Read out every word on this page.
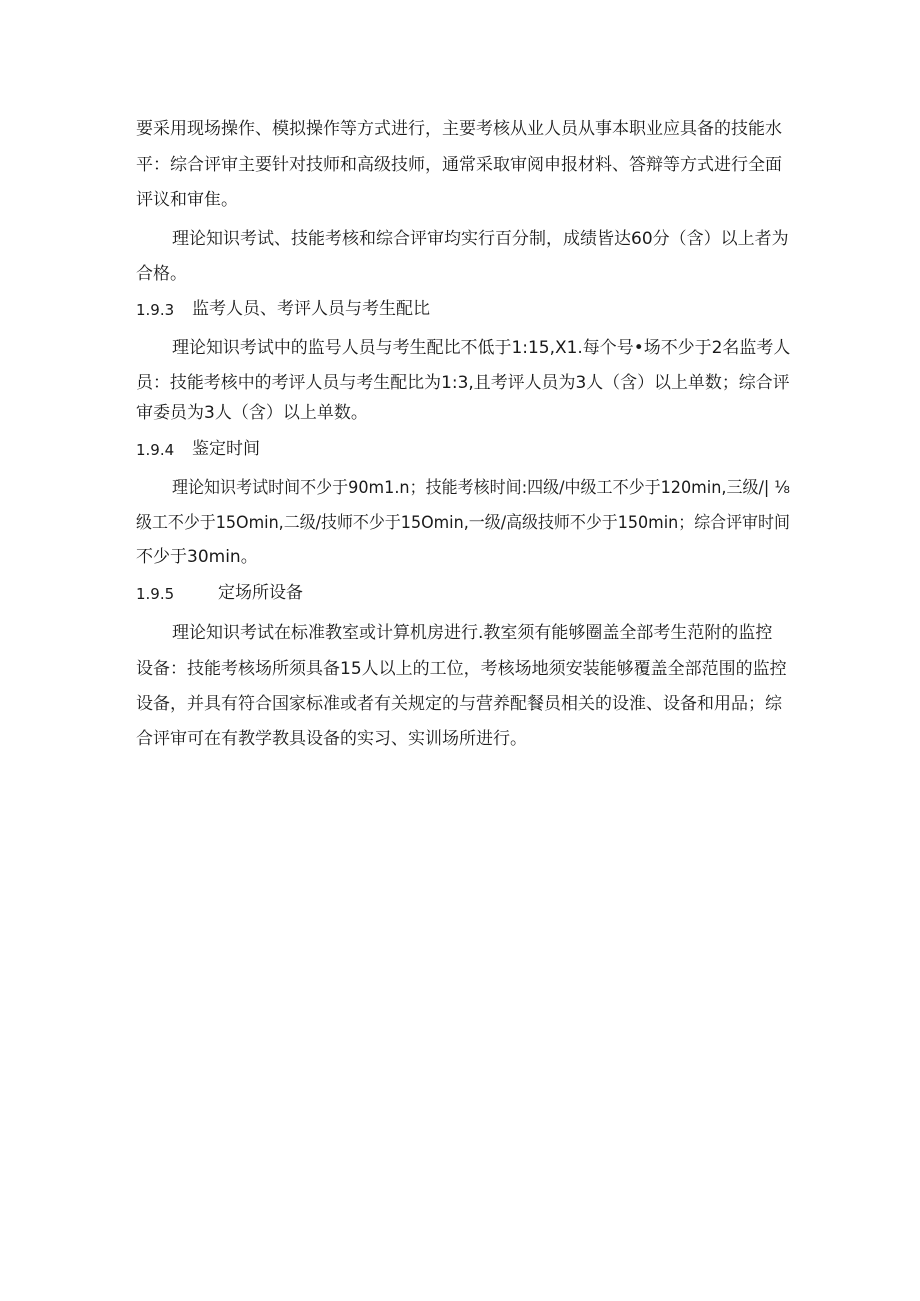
要采用现场操作、模拟操作等方式进行，主要考核从业人员从事本职业应具备的技能水
平：综合评审主要针对技师和高级技师，通常采取审阅申报材料、答辩等方式进行全面
评议和审隹。
理论知识考试、技能考核和综合评审均实行百分制，成绩皆达60分（含）以上者为
合格。
1.9.3 监考人员、考评人员与考生配比
理论知识考试中的监号人员与考生配比不低于1:15,X1.每个号•场不少于2名监考人
员：技能考核中的考评人员与考生配比为1:3,且考评人员为3人（含）以上单数；综合评
审委员为3人（含）以上单数。
1.9.4 鉴定时间
理论知识考试时间不少于90m1.n；技能考核时间:四级/中级工不少于120min,三级/| ⅛
级工不少于15Omin,二级/技师不少于15Omin,一级/高级技师不少于150min；综合评审时间
不少于30min。
1.9.5	定场所设备
理论知识考试在标准教室或计算机房进行.教室须有能够圈盖全部考生范附的监控
设备：技能考核场所须具备15人以上的工位，考核场地须安装能够覆盖全部范围的监控
设备，并具有符合国家标准或者有关规定的与营养配餐员相关的设淮、设备和用品；综
合评审可在有教学教具设备的实习、实训场所进行。
